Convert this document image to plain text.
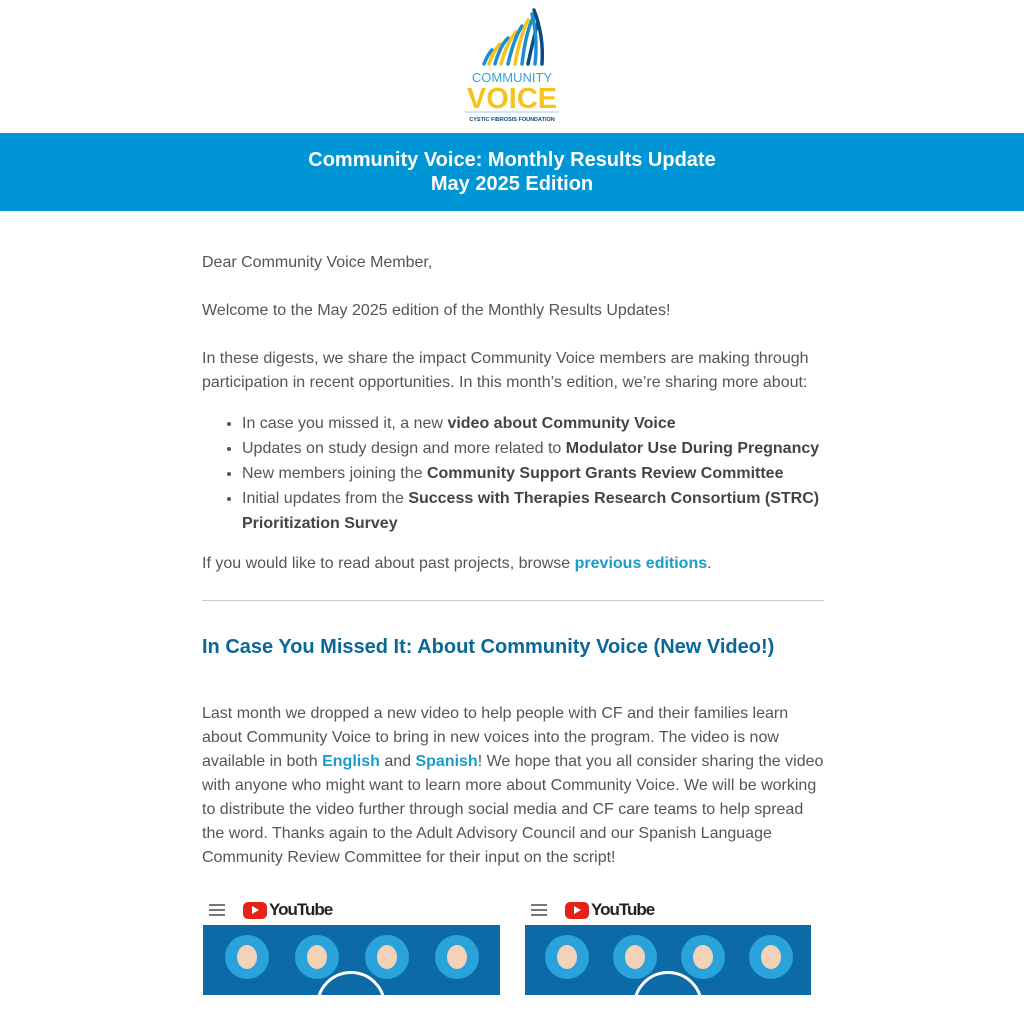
COMMUNITY
VOICE
CYSTIC FIBROSIS FOUNDATION
Community Voice: Monthly Results Update
May 2025 Edition

Dear Community Voice Member,

Welcome to the May 2025 edition of the Monthly Results Updates!

In these digests, we share the impact Community Voice members are making through participation in recent opportunities. In this month’s edition, we’re sharing more about:

• In case you missed it, a new video about Community Voice
• Updates on study design and more related to Modulator Use During Pregnancy
• New members joining the Community Support Grants Review Committee
• Initial updates from the Success with Therapies Research Consortium (STRC) Prioritization Survey

If you would like to read about past projects, browse previous editions.

In Case You Missed It: About Community Voice (New Video!)

Last month we dropped a new video to help people with CF and their families learn about Community Voice to bring in new voices into the program. The video is now available in both English and Spanish! We hope that you all consider sharing the video with anyone who might want to learn more about Community Voice. We will be working to distribute the video further through social media and CF care teams to help spread the word. Thanks again to the Adult Advisory Council and our Spanish Language Community Review Committee for their input on the script!

YouTube	YouTube
